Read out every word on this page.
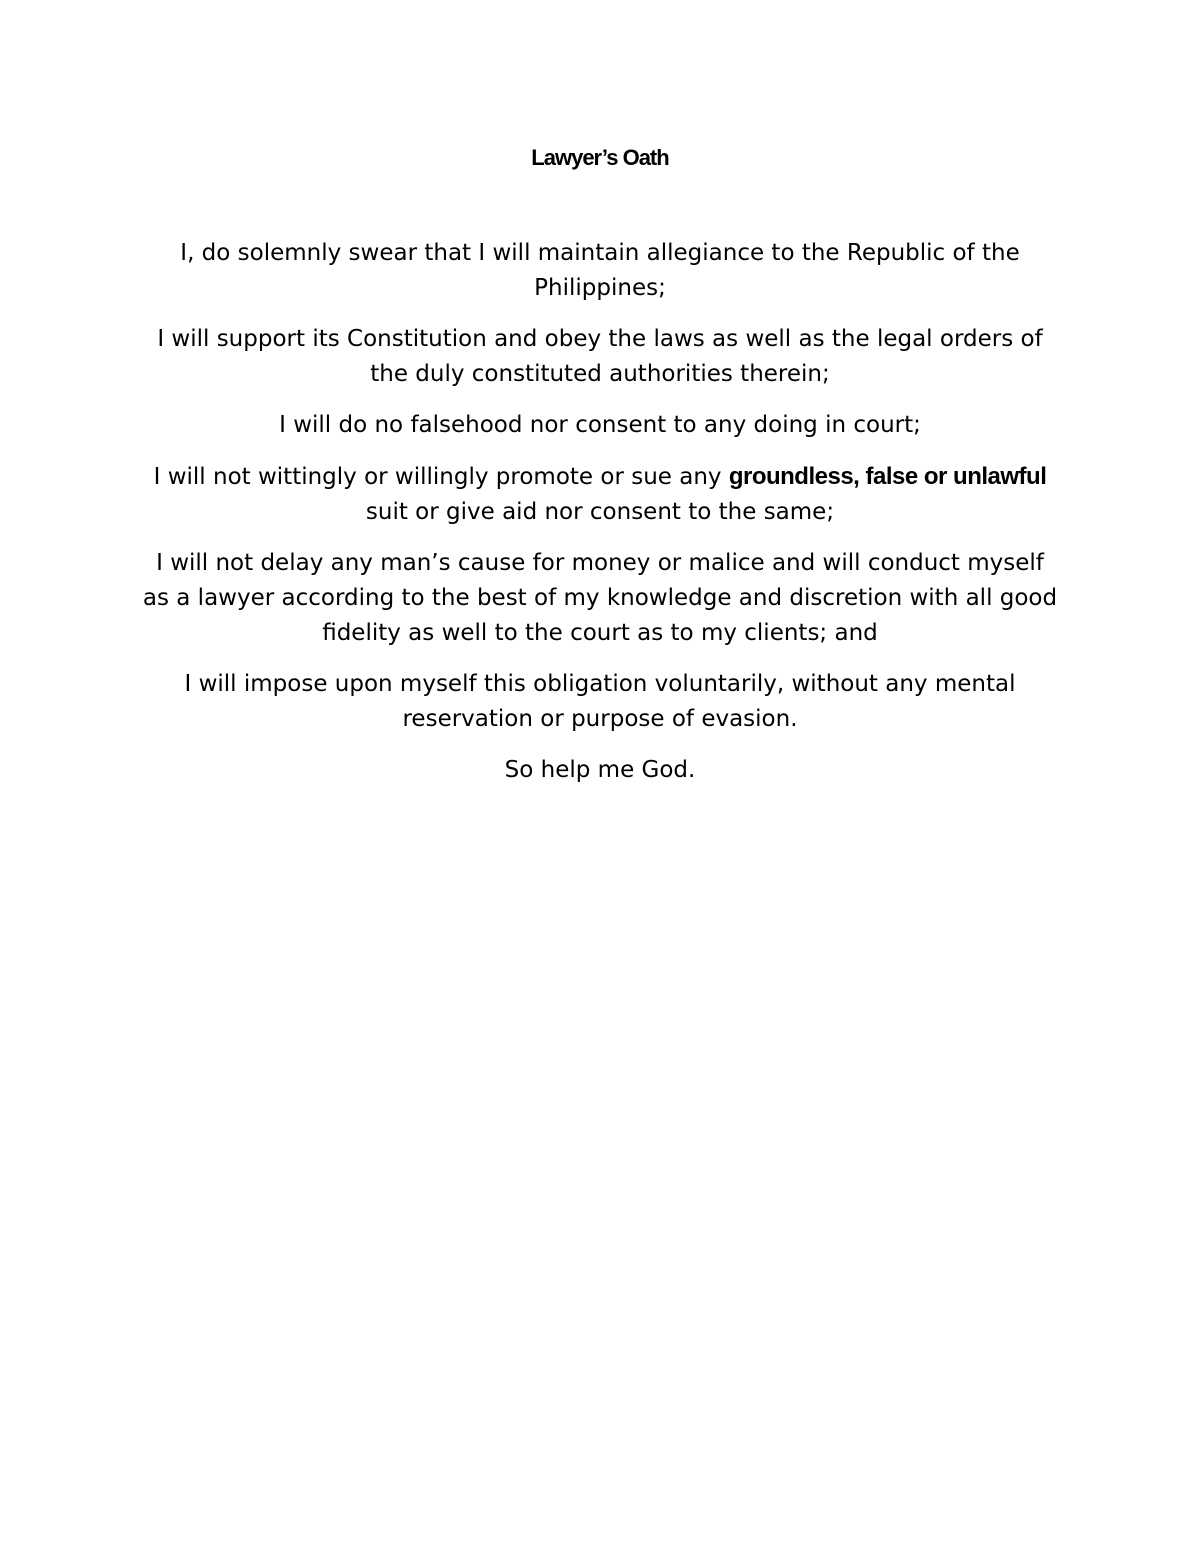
Lawyer’s Oath

I, do solemnly swear that I will maintain allegiance to the Republic of the Philippines;

I will support its Constitution and obey the laws as well as the legal orders of the duly constituted authorities therein;

I will do no falsehood nor consent to any doing in court;

I will not wittingly or willingly promote or sue any groundless, false or unlawful suit or give aid nor consent to the same;

I will not delay any man’s cause for money or malice and will conduct myself as a lawyer according to the best of my knowledge and discretion with all good fidelity as well to the court as to my clients; and

I will impose upon myself this obligation voluntarily, without any mental reservation or purpose of evasion.

So help me God.
